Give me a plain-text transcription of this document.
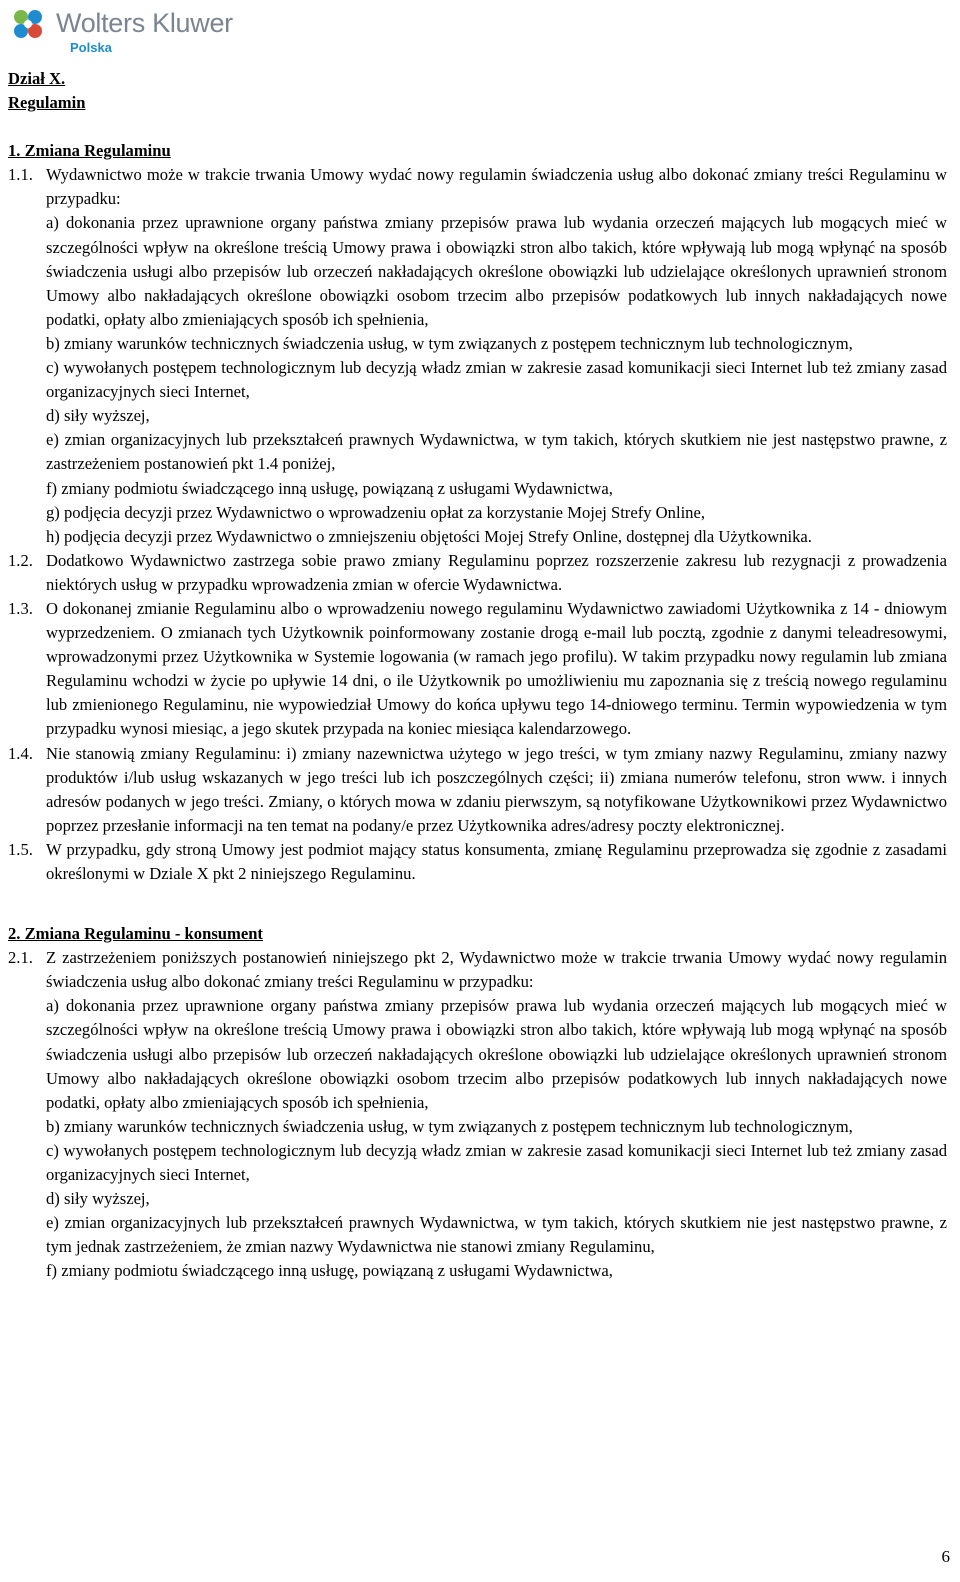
Wolters Kluwer
Polska
Dział X.
Regulamin
1. Zmiana Regulaminu
1.1. Wydawnictwo może w trakcie trwania Umowy wydać nowy regulamin świadczenia usług albo dokonać zmiany treści Regulaminu w przypadku:

a) dokonania przez uprawnione organy państwa zmiany przepisów prawa lub wydania orzeczeń mających lub mogących mieć w szczególności wpływ na określone treścią Umowy prawa i obowiązki stron albo takich, które wpływają lub mogą wpłynąć na sposób świadczenia usługi albo przepisów lub orzeczeń nakładających określone obowiązki lub udzielające określonych uprawnień stronom Umowy albo nakładających określone obowiązki osobom trzecim albo przepisów podatkowych lub innych nakładających nowe podatki, opłaty albo zmieniających sposób ich spełnienia,

b) zmiany warunków technicznych świadczenia usług, w tym związanych z postępem technicznym lub technologicznym,

c) wywołanych postępem technologicznym lub decyzją władz zmian w zakresie zasad komunikacji sieci Internet lub też zmiany zasad organizacyjnych sieci Internet,

d) siły wyższej,

e) zmian organizacyjnych lub przekształceń prawnych Wydawnictwa, w tym takich, których skutkiem nie jest następstwo prawne, z zastrzeżeniem postanowień pkt 1.4 poniżej,

f) zmiany podmiotu świadczącego inną usługę, powiązaną z usługami Wydawnictwa,

g) podjęcia decyzji przez Wydawnictwo o wprowadzeniu opłat za korzystanie Mojej Strefy Online,

h) podjęcia decyzji przez Wydawnictwo o zmniejszeniu objętości Mojej Strefy Online, dostępnej dla Użytkownika.

1.2. Dodatkowo Wydawnictwo zastrzega sobie prawo zmiany Regulaminu poprzez rozszerzenie zakresu lub rezygnacji z prowadzenia niektórych usług w przypadku wprowadzenia zmian w ofercie Wydawnictwa.
1.3. O dokonanej zmianie Regulaminu albo o wprowadzeniu nowego regulaminu Wydawnictwo zawiadomi Użytkownika z 14 - dniowym wyprzedzeniem. O zmianach tych Użytkownik poinformowany zostanie drogą e-mail lub pocztą, zgodnie z danymi teleadresowymi, wprowadzonymi przez Użytkownika w Systemie logowania (w ramach jego profilu). W takim przypadku nowy regulamin lub zmiana Regulaminu wchodzi w życie po upływie 14 dni, o ile Użytkownik po umożliwieniu mu zapoznania się z treścią nowego regulaminu lub zmienionego Regulaminu, nie wypowiedział Umowy do końca upływu tego 14-dniowego terminu. Termin wypowiedzenia w tym przypadku wynosi miesiąc, a jego skutek przypada na koniec miesiąca kalendarzowego.
1.4. Nie stanowią zmiany Regulaminu: i) zmiany nazewnictwa użytego w jego treści, w tym zmiany nazwy Regulaminu, zmiany nazwy produktów i/lub usług wskazanych w jego treści lub ich poszczególnych części; ii) zmiana numerów telefonu, stron www. i innych adresów podanych w jego treści. Zmiany, o których mowa w zdaniu pierwszym, są notyfikowane Użytkownikowi przez Wydawnictwo poprzez przesłanie informacji na ten temat na podany/e przez Użytkownika adres/adresy poczty elektronicznej.
1.5. W przypadku, gdy stroną Umowy jest podmiot mający status konsumenta, zmianę Regulaminu przeprowadza się zgodnie z zasadami określonymi w Dziale X pkt 2 niniejszego Regulaminu.
2. Zmiana Regulaminu - konsument
2.1. Z zastrzeżeniem poniższych postanowień niniejszego pkt 2, Wydawnictwo może w trakcie trwania Umowy wydać nowy regulamin świadczenia usług albo dokonać zmiany treści Regulaminu w przypadku:

a) dokonania przez uprawnione organy państwa zmiany przepisów prawa lub wydania orzeczeń mających lub mogących mieć w szczególności wpływ na określone treścią Umowy prawa i obowiązki stron albo takich, które wpływają lub mogą wpłynąć na sposób świadczenia usługi albo przepisów lub orzeczeń nakładających określone obowiązki lub udzielające określonych uprawnień stronom Umowy albo nakładających określone obowiązki osobom trzecim albo przepisów podatkowych lub innych nakładających nowe podatki, opłaty albo zmieniających sposób ich spełnienia,

b) zmiany warunków technicznych świadczenia usług, w tym związanych z postępem technicznym lub technologicznym,

c) wywołanych postępem technologicznym lub decyzją władz zmian w zakresie zasad komunikacji sieci Internet lub też zmiany zasad organizacyjnych sieci Internet,

d) siły wyższej,

e) zmian organizacyjnych lub przekształceń prawnych Wydawnictwa, w tym takich, których skutkiem nie jest następstwo prawne, z tym jednak zastrzeżeniem, że zmian nazwy Wydawnictwa nie stanowi zmiany Regulaminu,

f) zmiany podmiotu świadczącego inną usługę, powiązaną z usługami Wydawnictwa,

6
